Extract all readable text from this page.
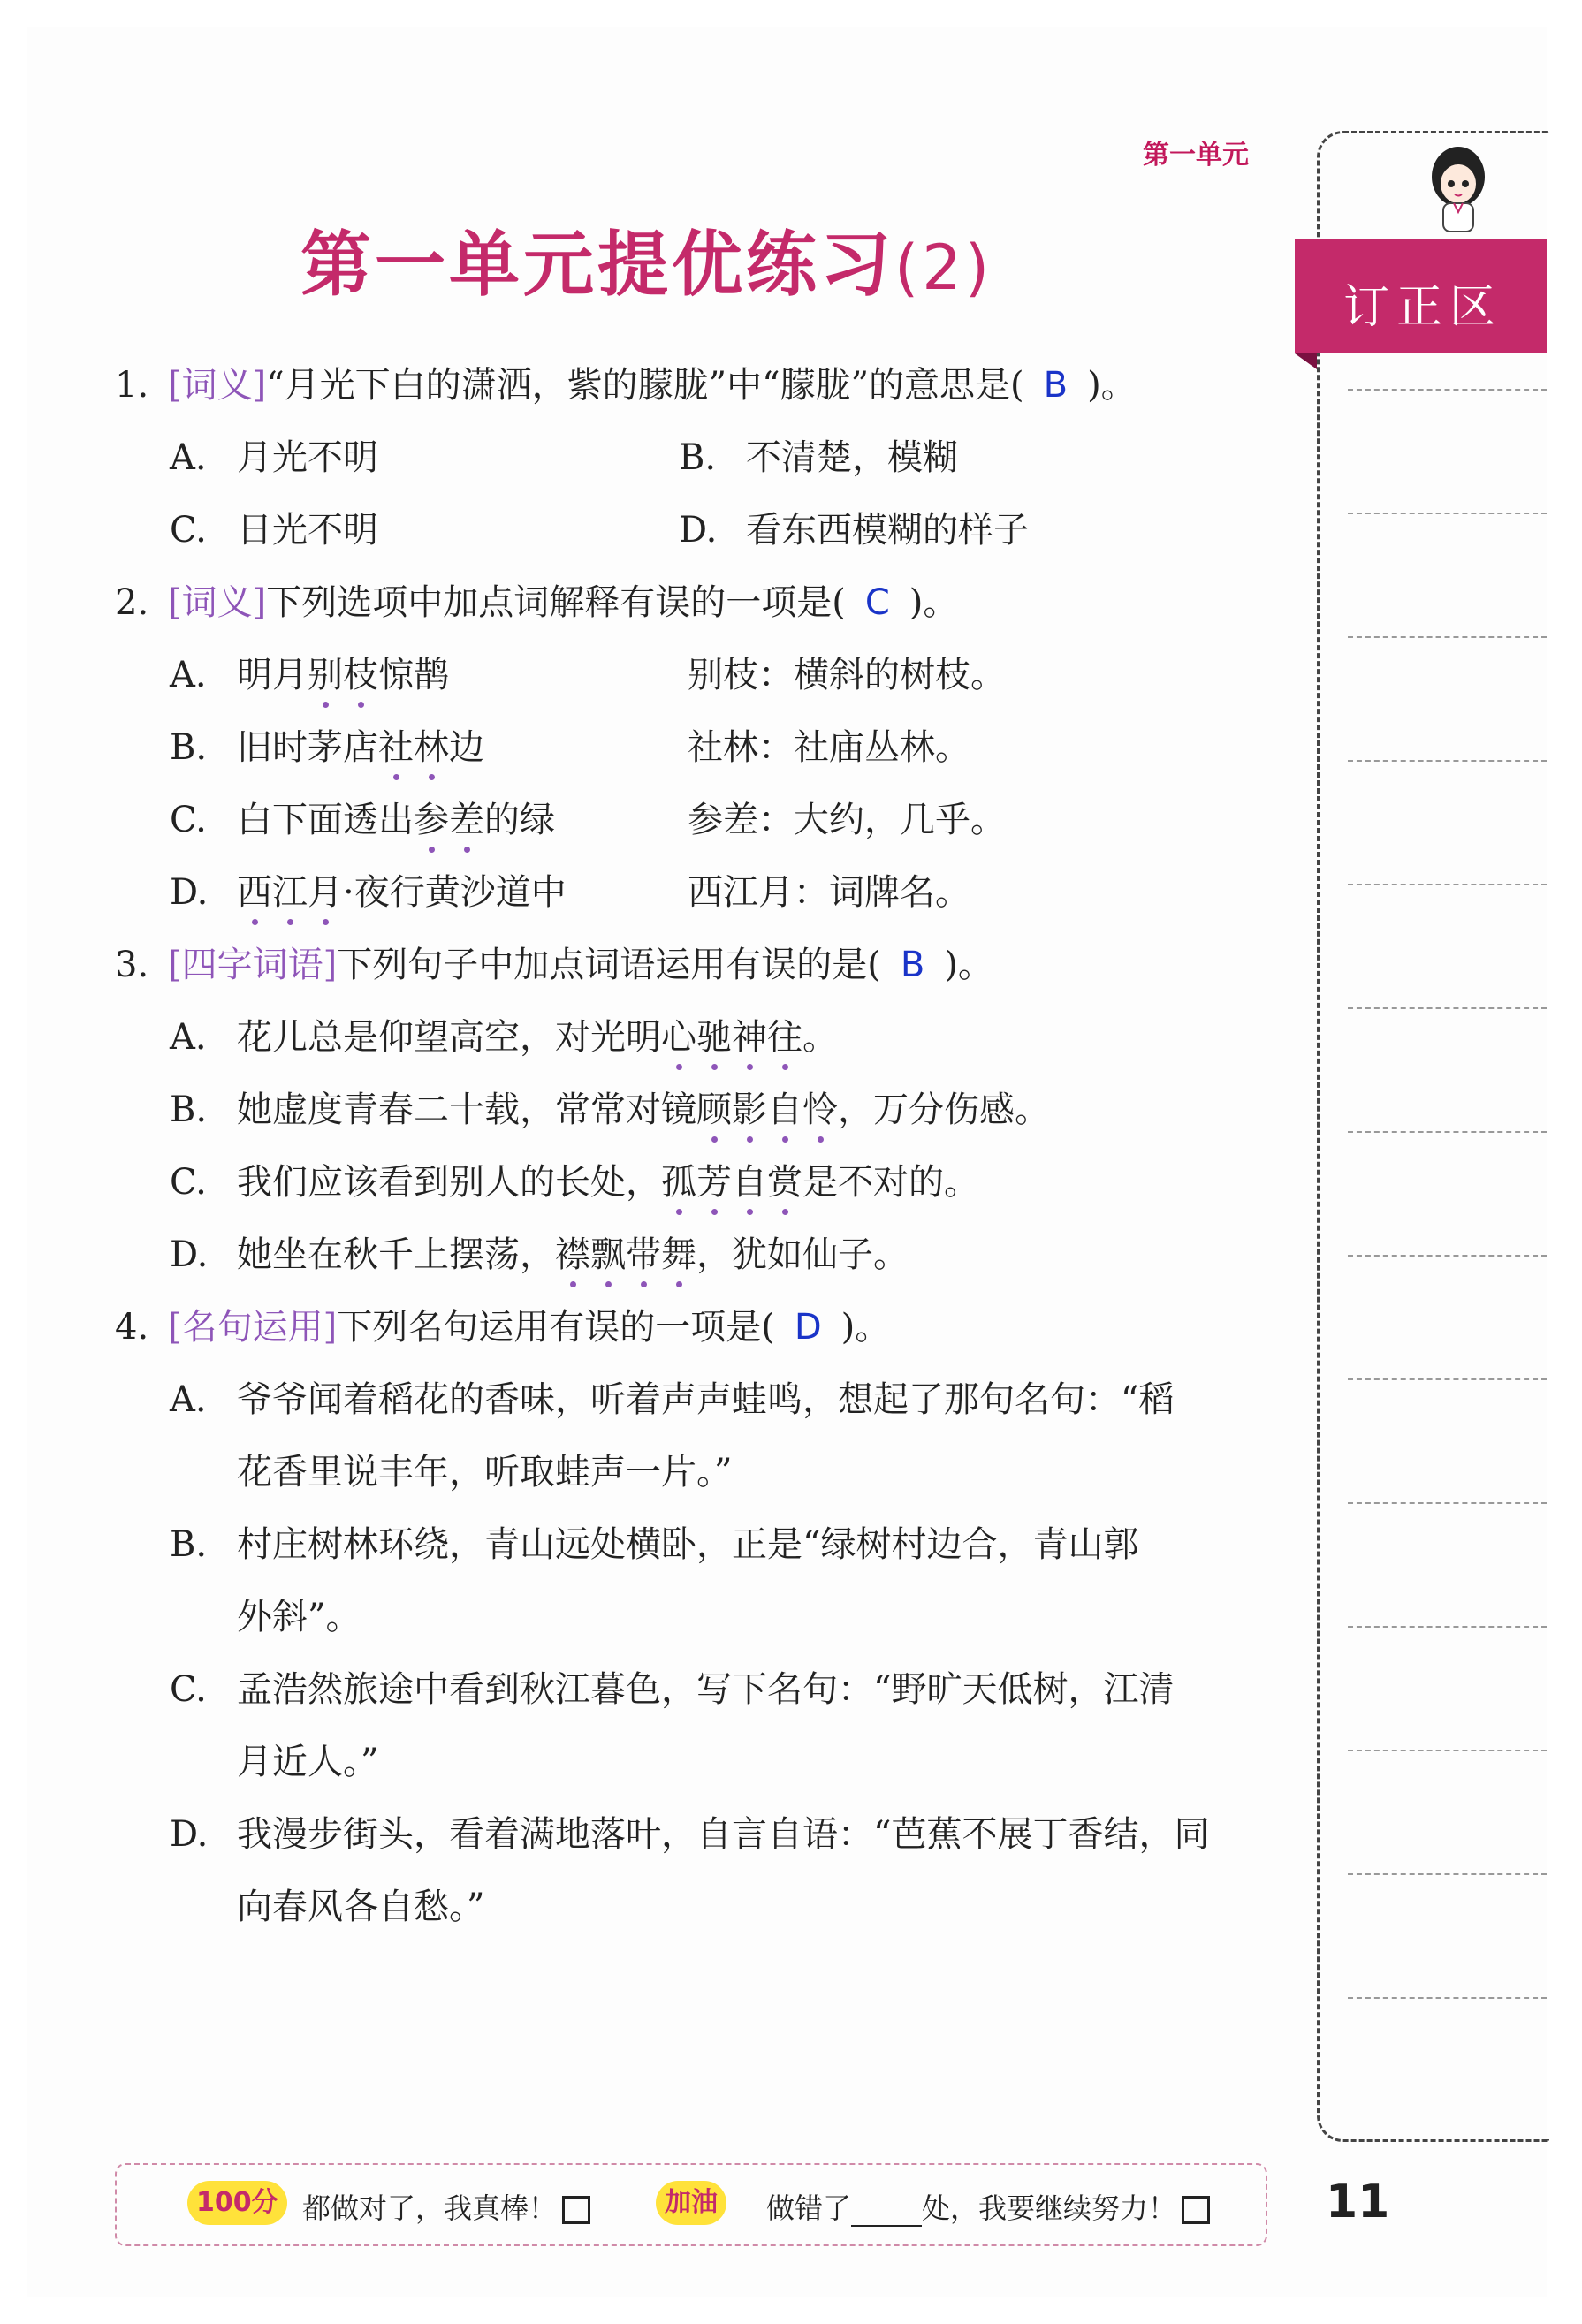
第一单元
第一单元提优练习(2)
订正区
1. [词义]“月光下白的潇洒，紫的朦胧”中“朦胧”的意思是( B )。
A. 月光不明	B. 不清楚，模糊
C. 日光不明	D. 看东西模糊的样子
2. [词义]下列选项中加点词解释有误的一项是( C )。
A. 明月别枝惊鹊	别枝：横斜的树枝。
B. 旧时茅店社林边	社林：社庙丛林。
C. 白下面透出参差的绿	参差：大约，几乎。
D. 西江月·夜行黄沙道中	西江月：词牌名。
3. [四字词语]下列句子中加点词语运用有误的是( B )。
A. 花儿总是仰望高空，对光明心驰神往。
B. 她虚度青春二十载，常常对镜顾影自怜，万分伤感。
C. 我们应该看到别人的长处，孤芳自赏是不对的。
D. 她坐在秋千上摆荡，襟飘带舞，犹如仙子。
4. [名句运用]下列名句运用有误的一项是( D )。
A. 爷爷闻着稻花的香味，听着声声蛙鸣，想起了那句名句：“稻
花香里说丰年，听取蛙声一片。”
B. 村庄树林环绕，青山远处横卧，正是“绿树村边合，青山郭
外斜”。
C. 孟浩然旅途中看到秋江暮色，写下名句：“野旷天低树，江清
月近人。”
D. 我漫步街头，看着满地落叶，自言自语：“芭蕉不展丁香结，同
向春风各自愁。”
100分 都做对了，我真棒！	加油	做错了	处，我要继续努力！	11
